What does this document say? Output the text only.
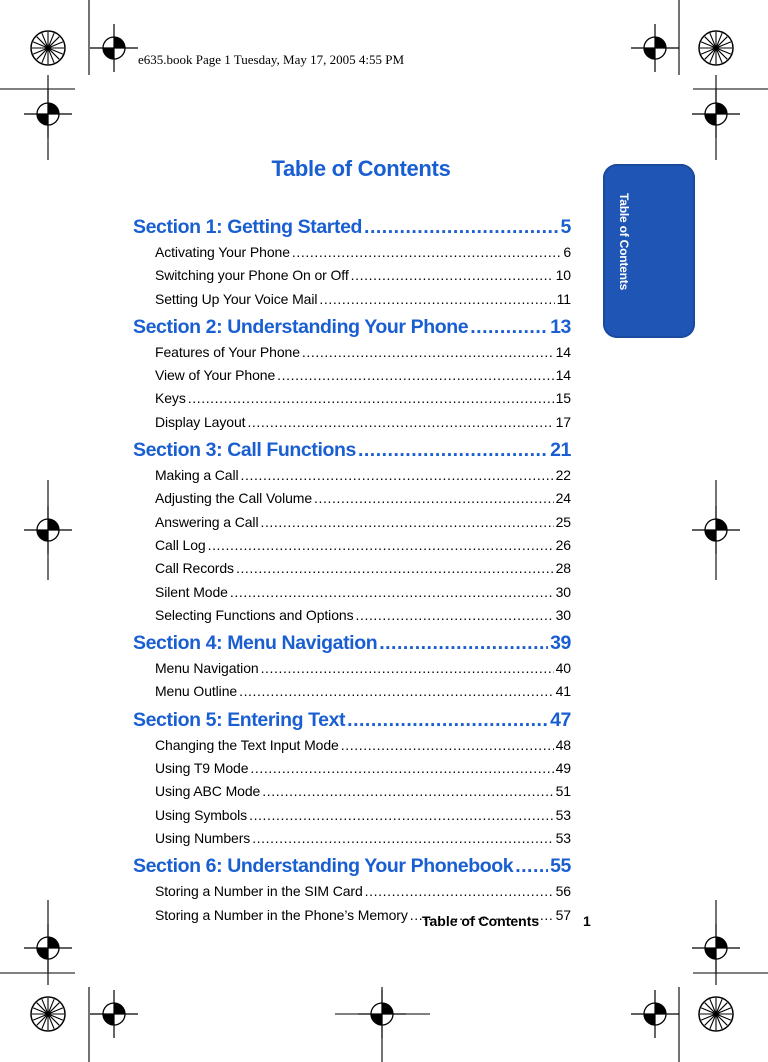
e635.book Page 1 Tuesday, May 17, 2005 4:55 PM
Table of Contents
Table of Contents
Section 1: Getting Started .....	5
Activating Your Phone .....	6
Switching your Phone On or Off .....	10
Setting Up Your Voice Mail .....	11
Section 2: Understanding Your Phone .....	13
Features of Your Phone .....	14
View of Your Phone .....	14
Keys .....	15
Display Layout .....	17
Section 3: Call Functions .....	21
Making a Call .....	22
Adjusting the Call Volume .....	24
Answering a Call .....	25
Call Log .....	26
Call Records .....	28
Silent Mode .....	30
Selecting Functions and Options .....	30
Section 4: Menu Navigation .....	39
Menu Navigation .....	40
Menu Outline .....	41
Section 5: Entering Text .....	47
Changing the Text Input Mode .....	48
Using T9 Mode .....	49
Using ABC Mode .....	51
Using Symbols .....	53
Using Numbers .....	53
Section 6: Understanding Your Phonebook ..... 55
Storing a Number in the SIM Card .....	56
Storing a Number in the Phone’s Memory .....	57
Table of Contents	1
